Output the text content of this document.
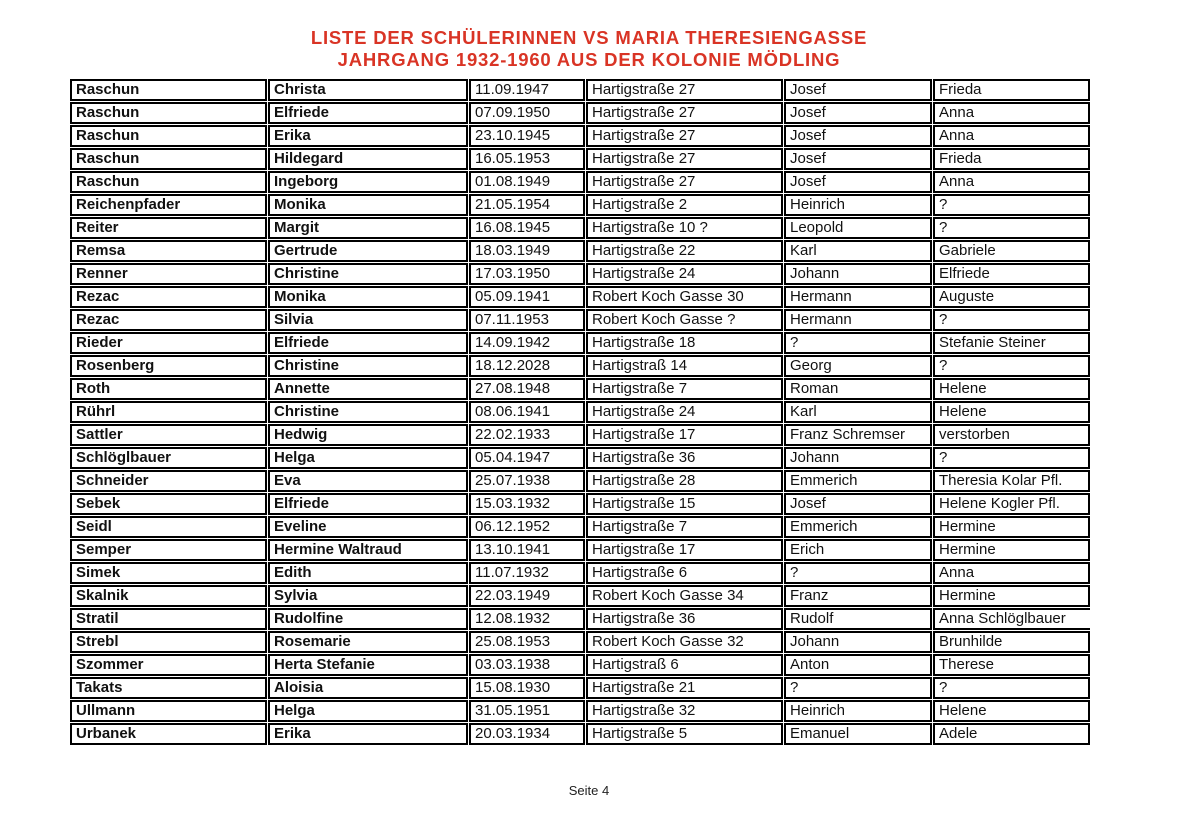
LISTE DER SCHÜLERINNEN VS MARIA THERESIENGASSE
JAHRGANG 1932-1960 AUS DER KOLONIE MÖDLING
Raschun	Christa	11.09.1947	Hartigstraße 27	Josef	Frieda
Raschun	Elfriede	07.09.1950	Hartigstraße 27	Josef	Anna
Raschun	Erika	23.10.1945	Hartigstraße 27	Josef	Anna
Raschun	Hildegard	16.05.1953	Hartigstraße 27	Josef	Frieda
Raschun	Ingeborg	01.08.1949	Hartigstraße 27	Josef	Anna
Reichenpfader	Monika	21.05.1954	Hartigstraße 2	Heinrich	?
Reiter	Margit	16.08.1945	Hartigstraße 10 ?	Leopold	?
Remsa	Gertrude	18.03.1949	Hartigstraße 22	Karl	Gabriele
Renner	Christine	17.03.1950	Hartigstraße 24	Johann	Elfriede
Rezac	Monika	05.09.1941	Robert Koch Gasse 30	Hermann	Auguste
Rezac	Silvia	07.11.1953	Robert Koch Gasse ?	Hermann	?
Rieder	Elfriede	14.09.1942	Hartigstraße 18	?	Stefanie Steiner
Rosenberg	Christine	18.12.2028	Hartigstraß 14	Georg	?
Roth	Annette	27.08.1948	Hartigstraße 7	Roman	Helene
Rührl	Christine	08.06.1941	Hartigstraße 24	Karl	Helene
Sattler	Hedwig	22.02.1933	Hartigstraße 17	Franz Schremser	verstorben
Schlöglbauer	Helga	05.04.1947	Hartigstraße 36	Johann	?
Schneider	Eva	25.07.1938	Hartigstraße 28	Emmerich	Theresia Kolar Pfl.
Sebek	Elfriede	15.03.1932	Hartigstraße 15	Josef	Helene Kogler Pfl.
Seidl	Eveline	06.12.1952	Hartigstraße 7	Emmerich	Hermine
Semper	Hermine Waltraud	13.10.1941	Hartigstraße 17	Erich	Hermine
Simek	Edith	11.07.1932	Hartigstraße 6	?	Anna
Skalnik	Sylvia	22.03.1949	Robert Koch Gasse 34	Franz	Hermine
Stratil	Rudolfine	12.08.1932	Hartigstraße 36	Rudolf	Anna Schlöglbauer
Strebl	Rosemarie	25.08.1953	Robert Koch Gasse 32	Johann	Brunhilde
Szommer	Herta Stefanie	03.03.1938	Hartigstraß 6	Anton	Therese
Takats	Aloisia	15.08.1930	Hartigstraße 21	?	?
Ullmann	Helga	31.05.1951	Hartigstraße 32	Heinrich	Helene
Urbanek	Erika	20.03.1934	Hartigstraße 5	Emanuel	Adele
Seite 4
